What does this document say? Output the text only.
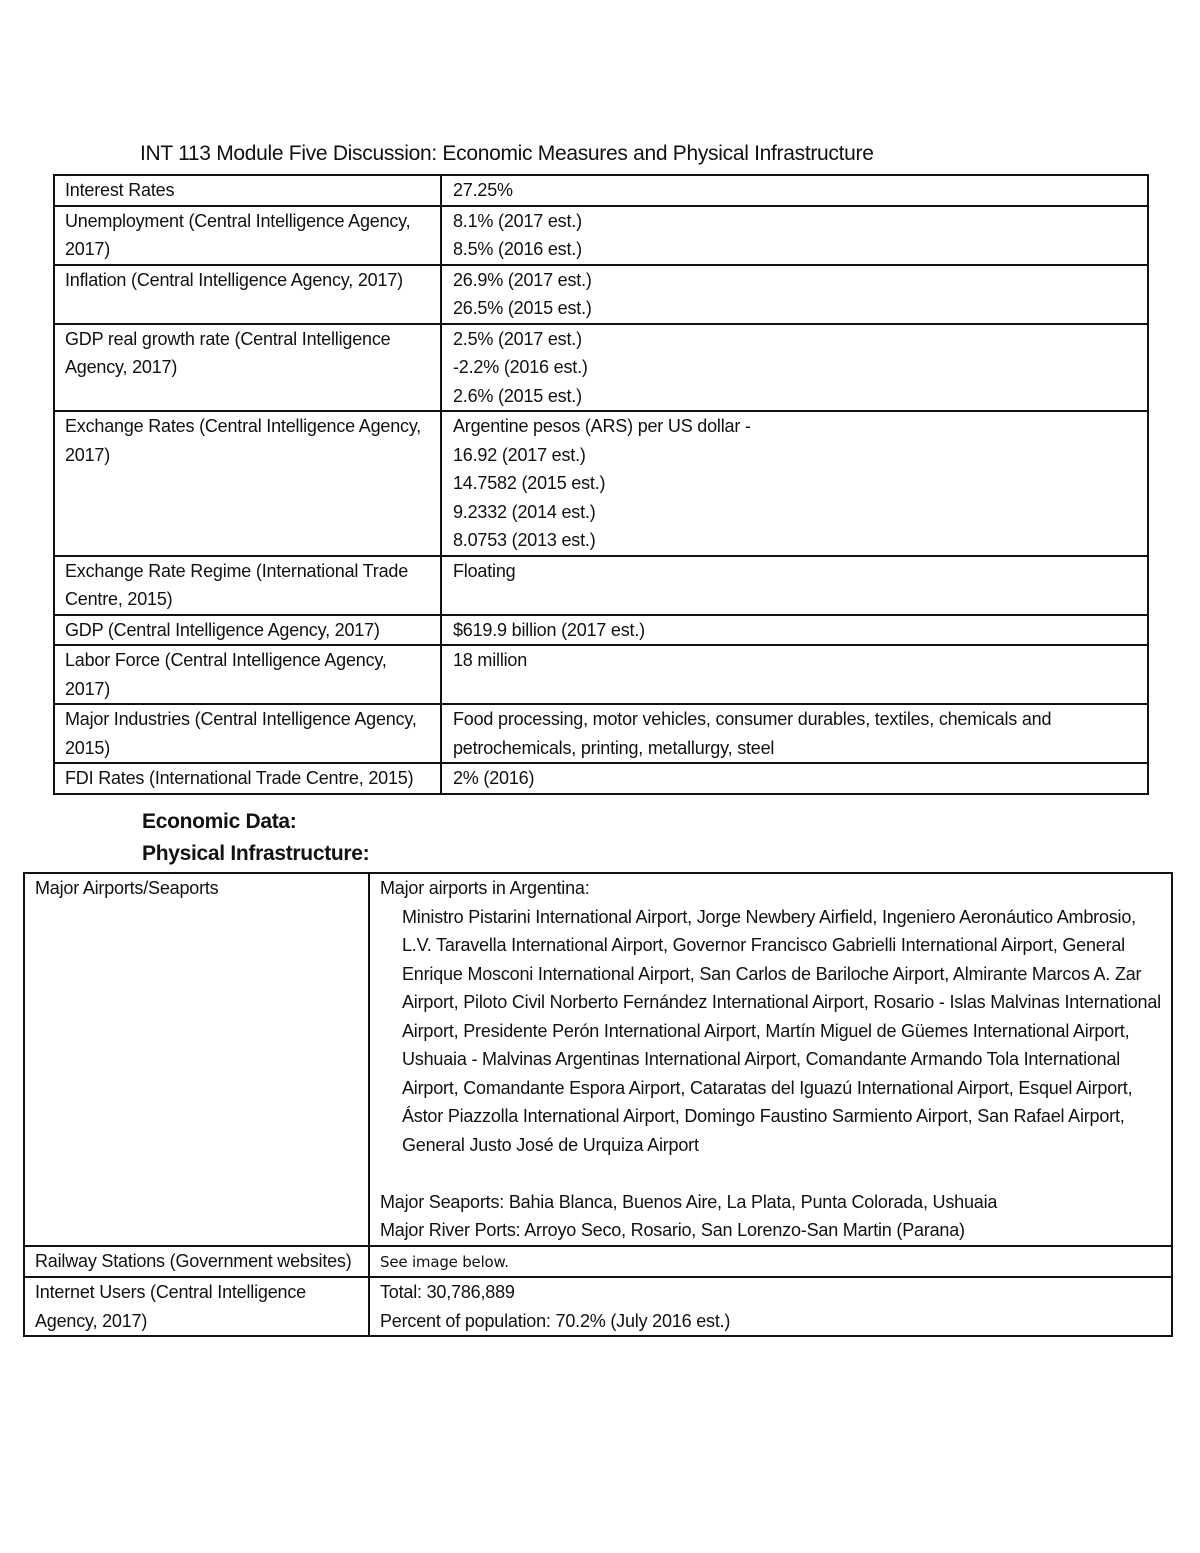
INT 113 Module Five Discussion: Economic Measures and Physical Infrastructure
Interest Rates	27.25%

Unemployment (Central Intelligence Agency, 2017)	8.1% (2017 est.)
8.5% (2016 est.)

Inflation (Central Intelligence Agency, 2017)	26.9% (2017 est.)
26.5% (2015 est.)

GDP real growth rate (Central Intelligence Agency, 2017)	2.5% (2017 est.)
-2.2% (2016 est.)
2.6% (2015 est.)

Exchange Rates (Central Intelligence Agency, 2017)	Argentine pesos (ARS) per US dollar -
16.92 (2017 est.)
14.7582 (2015 est.)
9.2332 (2014 est.)
8.0753 (2013 est.)

Exchange Rate Regime (International Trade Centre, 2015)	Floating

GDP (Central Intelligence Agency, 2017)	$619.9 billion (2017 est.)

Labor Force (Central Intelligence Agency, 2017)	18 million

Major Industries (Central Intelligence Agency, 2015)	Food processing, motor vehicles, consumer durables, textiles, chemicals and petrochemicals, printing, metallurgy, steel

FDI Rates (International Trade Centre, 2015)	2% (2016)
Economic Data:
Physical Infrastructure:
Major Airports/Seaports	Major airports in Argentina:
Ministro Pistarini International Airport, Jorge Newbery Airfield, Ingeniero Aeronáutico Ambrosio, L.V. Taravella International Airport, Governor Francisco Gabrielli International Airport, General Enrique Mosconi International Airport, San Carlos de Bariloche Airport, Almirante Marcos A. Zar Airport, Piloto Civil Norberto Fernández International Airport, Rosario - Islas Malvinas International Airport, Presidente Perón International Airport, Martín Miguel de Güemes International Airport, Ushuaia - Malvinas Argentinas International Airport, Comandante Armando Tola International Airport, Comandante Espora Airport, Cataratas del Iguazú International Airport, Esquel Airport, Ástor Piazzolla International Airport, Domingo Faustino Sarmiento Airport, San Rafael Airport, General Justo José de Urquiza Airport
Major Seaports: Bahia Blanca, Buenos Aire, La Plata, Punta Colorada, Ushuaia
Major River Ports: Arroyo Seco, Rosario, San Lorenzo-San Martin (Parana)

Railway Stations (Government websites)	See image below.
Internet Users (Central Intelligence Agency, 2017)	Total: 30,786,889
Percent of population: 70.2% (July 2016 est.)
